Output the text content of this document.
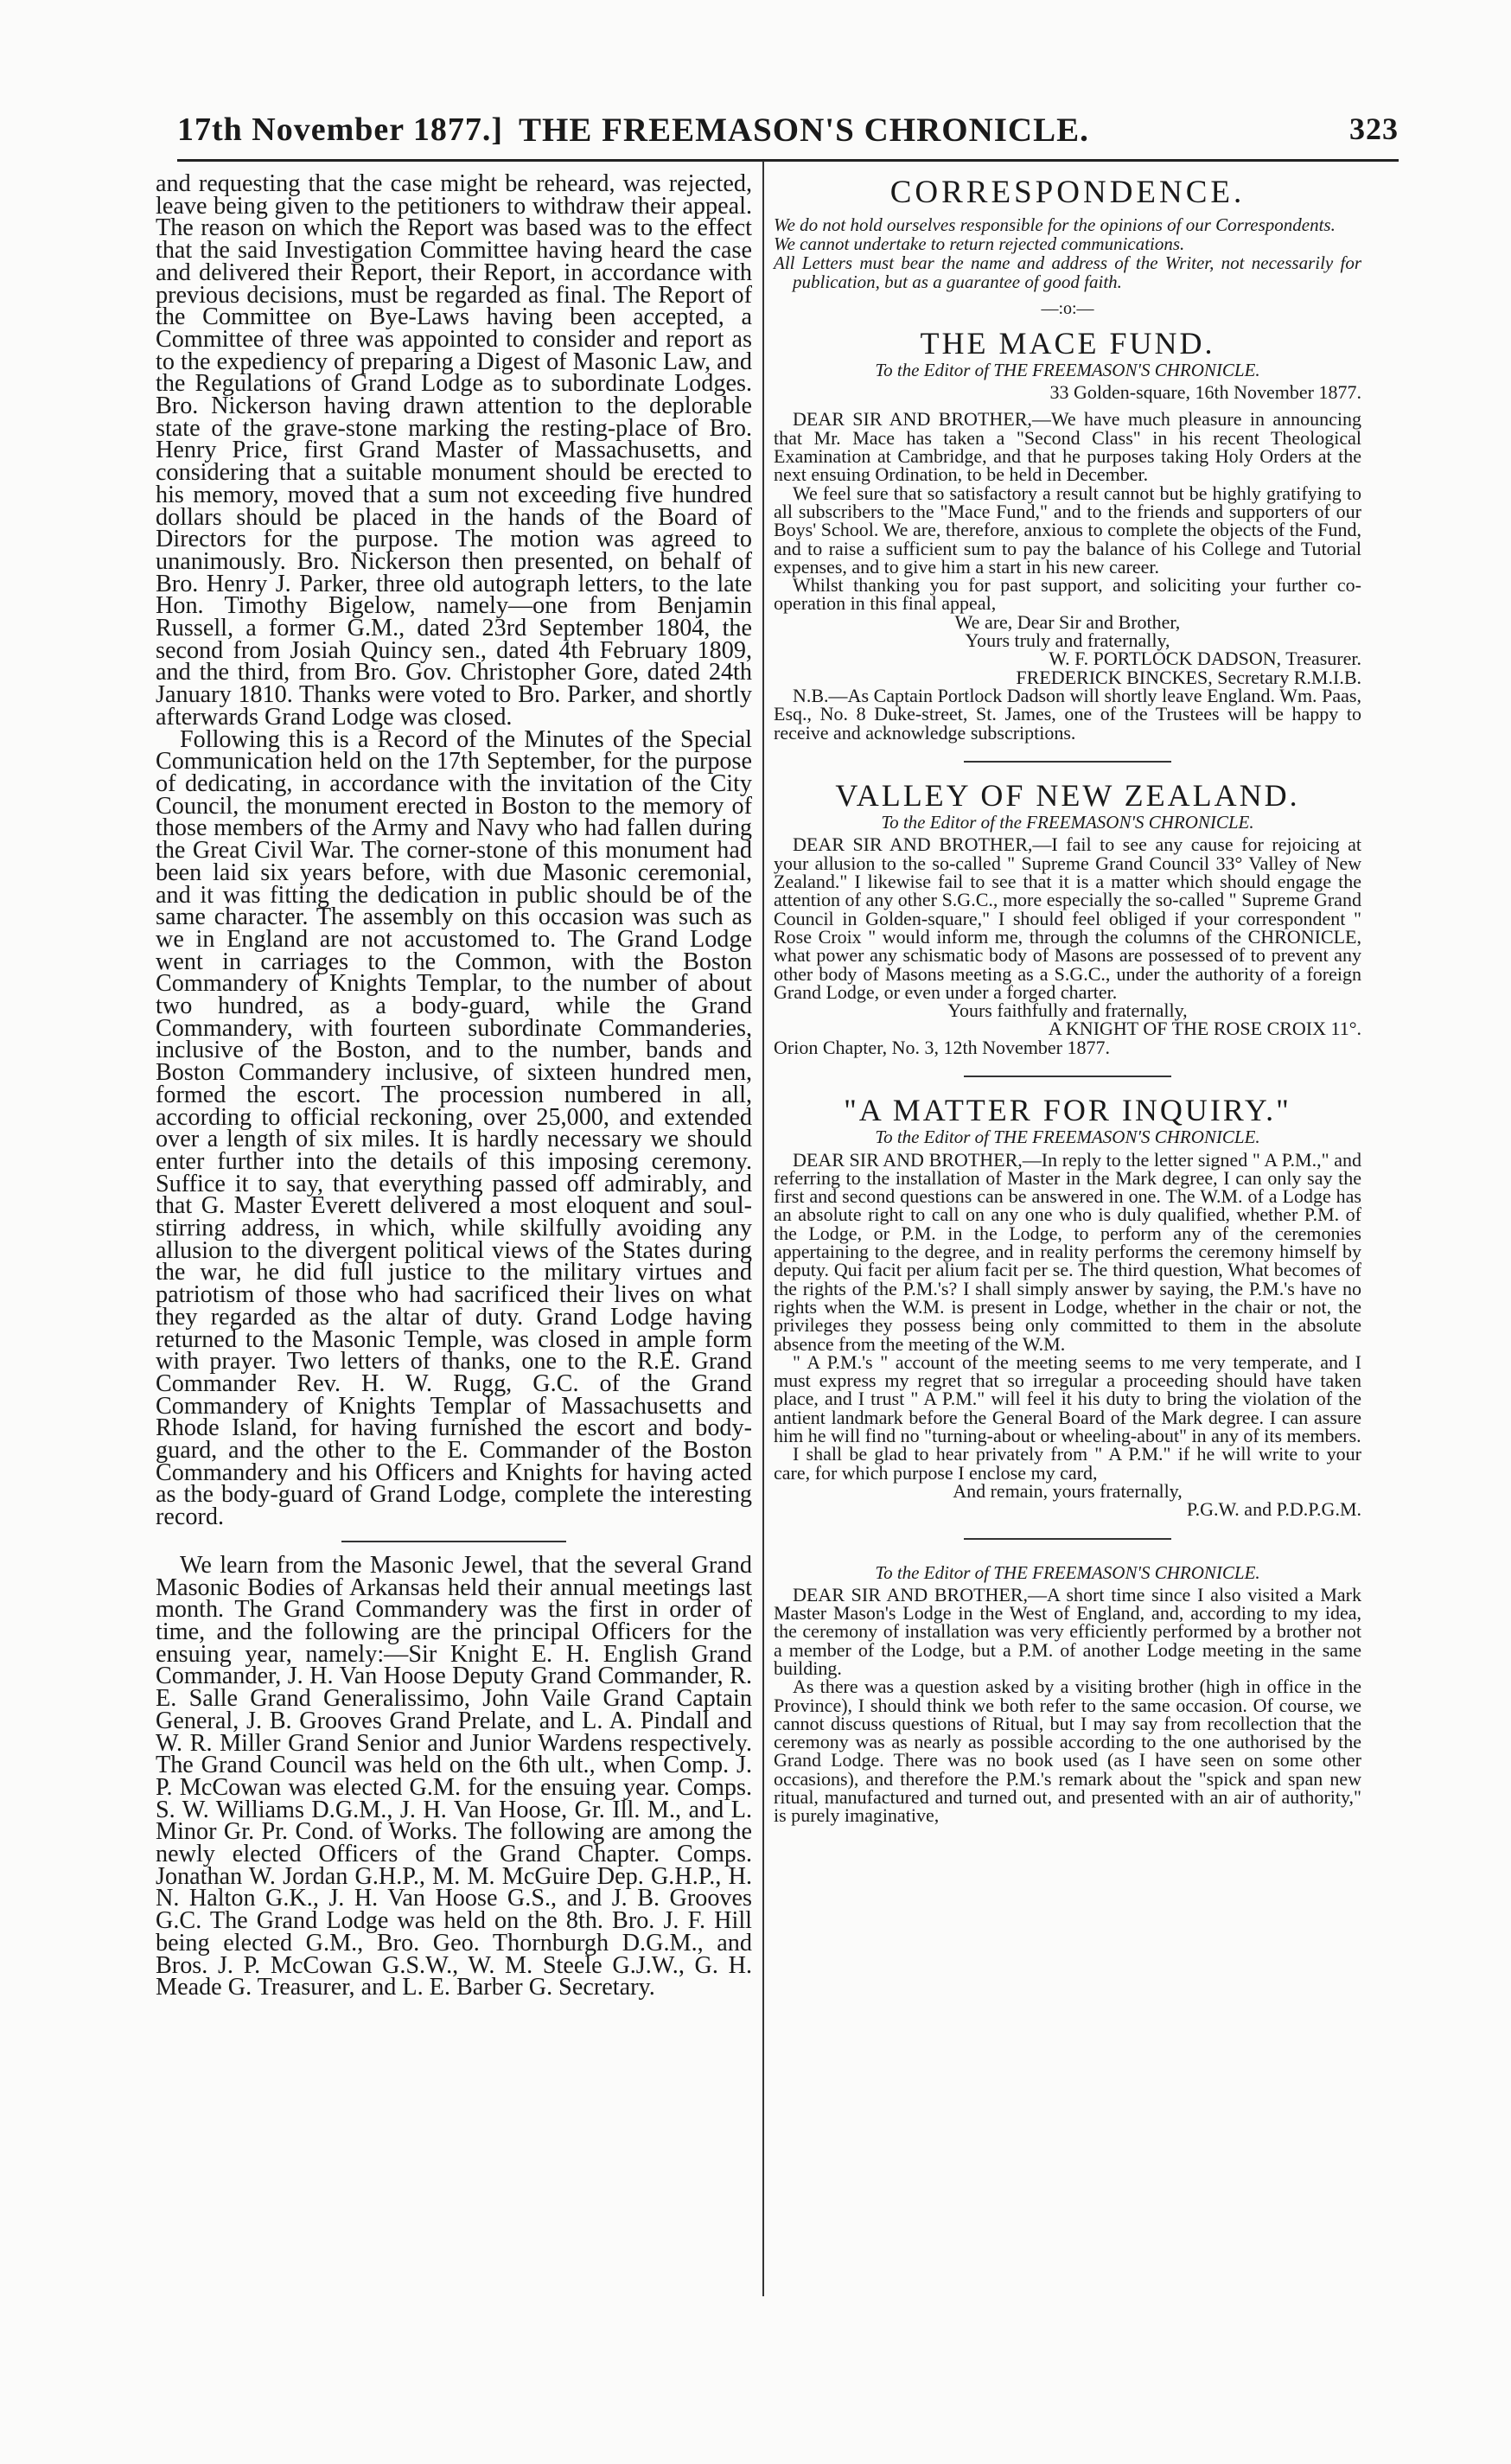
17th November 1877.] THE FREEMASON'S CHRONICLE.	323

and requesting that the case might be reheard, was rejected, leave being given to the petitioners to withdraw their appeal. The reason on which the Report was based was to the effect that the said Investigation Committee having heard the case and delivered their Report, their Report, in accordance with previous decisions, must be regarded as final. The Report of the Committee on Bye-Laws having been accepted, a Committee of three was appointed to consider and report as to the expediency of preparing a Digest of Masonic Law, and the Regulations of Grand Lodge as to subordinate Lodges. Bro. Nickerson having drawn attention to the deplorable state of the grave-stone marking the resting-place of Bro. Henry Price, first Grand Master of Massachusetts, and considering that a suitable monument should be erected to his memory, moved that a sum not exceeding five hundred dollars should be placed in the hands of the Board of Directors for the purpose. The motion was agreed to unanimously. Bro. Nickerson then presented, on behalf of Bro. Henry J. Parker, three old autograph letters, to the late Hon. Timothy Bigelow, namely—one from Benjamin Russell, a former G.M., dated 23rd September 1804, the second from Josiah Quincy sen., dated 4th February 1809, and the third, from Bro. Gov. Christopher Gore, dated 24th January 1810. Thanks were voted to Bro. Parker, and shortly afterwards Grand Lodge was closed.

Following this is a Record of the Minutes of the Special Communication held on the 17th September, for the purpose of dedicating, in accordance with the invitation of the City Council, the monument erected in Boston to the memory of those members of the Army and Navy who had fallen during the Great Civil War. The corner-stone of this monument had been laid six years before, with due Masonic ceremonial, and it was fitting the dedication in public should be of the same character. The assembly on this occasion was such as we in England are not accustomed to. The Grand Lodge went in carriages to the Common, with the Boston Commandery of Knights Templar, to the number of about two hundred, as a body-guard, while the Grand Commandery, with fourteen subordinate Commanderies, inclusive of the Boston, and to the number, bands and Boston Commandery inclusive, of sixteen hundred men, formed the escort. The procession numbered in all, according to official reckoning, over 25,000, and extended over a length of six miles. It is hardly necessary we should enter further into the details of this imposing ceremony. Suffice it to say, that everything passed off admirably, and that G. Master Everett delivered a most eloquent and soul-stirring address, in which, while skilfully avoiding any allusion to the divergent political views of the States during the war, he did full justice to the military virtues and patriotism of those who had sacrificed their lives on what they regarded as the altar of duty. Grand Lodge having returned to the Masonic Temple, was closed in ample form with prayer. Two letters of thanks, one to the R.E. Grand Commander Rev. H. W. Rugg, G.C. of the Grand Commandery of Knights Templar of Massachusetts and Rhode Island, for having furnished the escort and body-guard, and the other to the E. Commander of the Boston Commandery and his Officers and Knights for having acted as the body-guard of Grand Lodge, complete the interesting record.

We learn from the Masonic Jewel, that the several Grand Masonic Bodies of Arkansas held their annual meetings last month. The Grand Commandery was the first in order of time, and the following are the principal Officers for the ensuing year, namely:—Sir Knight E. H. English Grand Commander, J. H. Van Hoose Deputy Grand Commander, R. E. Salle Grand Generalissimo, John Vaile Grand Captain General, J. B. Grooves Grand Prelate, and L. A. Pindall and W. R. Miller Grand Senior and Junior Wardens respectively. The Grand Council was held on the 6th ult., when Comp. J. P. McCowan was elected G.M. for the ensuing year. Comps. S. W. Williams D.G.M., J. H. Van Hoose, Gr. Ill. M., and L. Minor Gr. Pr. Cond. of Works. The following are among the newly elected Officers of the Grand Chapter. Comps. Jonathan W. Jordan G.H.P., M. M. McGuire Dep. G.H.P., H. N. Halton G.K., J. H. Van Hoose G.S., and J. B. Grooves G.C. The Grand Lodge was held on the 8th. Bro. J. F. Hill being elected G.M., Bro. Geo. Thornburgh D.G.M., and Bros. J. P. McCowan G.S.W., W. M. Steele G.J.W., G. H. Meade G. Treasurer, and L. E. Barber G. Secretary.

CORRESPONDENCE.

We do not hold ourselves responsible for the opinions of our Correspondents.

We cannot undertake to return rejected communications.

All Letters must bear the name and address of the Writer, not necessarily for publication, but as a guarantee of good faith.

—:o:—
THE MACE FUND.
To the Editor of THE FREEMASON'S CHRONICLE.
33 Golden-square, 16th November 1877.

DEAR SIR AND BROTHER,—We have much pleasure in announcing that Mr. Mace has taken a "Second Class" in his recent Theological Examination at Cambridge, and that he purposes taking Holy Orders at the next ensuing Ordination, to be held in December.

We feel sure that so satisfactory a result cannot but be highly gratifying to all subscribers to the "Mace Fund," and to the friends and supporters of our Boys' School. We are, therefore, anxious to complete the objects of the Fund, and to raise a sufficient sum to pay the balance of his College and Tutorial expenses, and to give him a start in his new career.

Whilst thanking you for past support, and soliciting your further co-operation in this final appeal,

We are, Dear Sir and Brother,

Yours truly and fraternally,

W. F. PORTLOCK DADSON, Treasurer.

FREDERICK BINCKES, Secretary R.M.I.B.

N.B.—As Captain Portlock Dadson will shortly leave England. Wm. Paas, Esq., No. 8 Duke-street, St. James, one of the Trustees will be happy to receive and acknowledge subscriptions.

VALLEY OF NEW ZEALAND.
To the Editor of the FREEMASON'S CHRONICLE.

DEAR SIR AND BROTHER,—I fail to see any cause for rejoicing at your allusion to the so-called " Supreme Grand Council 33° Valley of New Zealand." I likewise fail to see that it is a matter which should engage the attention of any other S.G.C., more especially the so-called " Supreme Grand Council in Golden-square," I should feel obliged if your correspondent " Rose Croix " would inform me, through the columns of the CHRONICLE, what power any schismatic body of Masons are possessed of to prevent any other body of Masons meeting as a S.G.C., under the authority of a foreign Grand Lodge, or even under a forged charter.

Yours faithfully and fraternally,

A KNIGHT OF THE ROSE CROIX 11°.

Orion Chapter, No. 3, 12th November 1877.

"A MATTER FOR INQUIRY."
To the Editor of THE FREEMASON'S CHRONICLE.

DEAR SIR AND BROTHER,—In reply to the letter signed " A P.M.," and referring to the installation of Master in the Mark degree, I can only say the first and second questions can be answered in one. The W.M. of a Lodge has an absolute right to call on any one who is duly qualified, whether P.M. of the Lodge, or P.M. in the Lodge, to perform any of the ceremonies appertaining to the degree, and in reality performs the ceremony himself by deputy. Qui facit per alium facit per se. The third question, What becomes of the rights of the P.M.'s? I shall simply answer by saying, the P.M.'s have no rights when the W.M. is present in Lodge, whether in the chair or not, the privileges they possess being only committed to them in the absolute absence from the meeting of the W.M.

" A P.M.'s " account of the meeting seems to me very temperate, and I must express my regret that so irregular a proceeding should have taken place, and I trust " A P.M." will feel it his duty to bring the violation of the antient landmark before the General Board of the Mark degree. I can assure him he will find no "turning-about or wheeling-about" in any of its members.

I shall be glad to hear privately from " A P.M." if he will write to your care, for which purpose I enclose my card,

And remain, yours fraternally,

P.G.W. and P.D.P.G.M.

To the Editor of THE FREEMASON'S CHRONICLE.

DEAR SIR AND BROTHER,—A short time since I also visited a Mark Master Mason's Lodge in the West of England, and, according to my idea, the ceremony of installation was very efficiently performed by a brother not a member of the Lodge, but a P.M. of another Lodge meeting in the same building.

As there was a question asked by a visiting brother (high in office in the Province), I should think we both refer to the same occasion. Of course, we cannot discuss questions of Ritual, but I may say from recollection that the ceremony was as nearly as possible according to the one authorised by the Grand Lodge. There was no book used (as I have seen on some other occasions), and therefore the P.M.'s remark about the "spick and span new ritual, manufactured and turned out, and presented with an air of authority," is purely imaginative,
